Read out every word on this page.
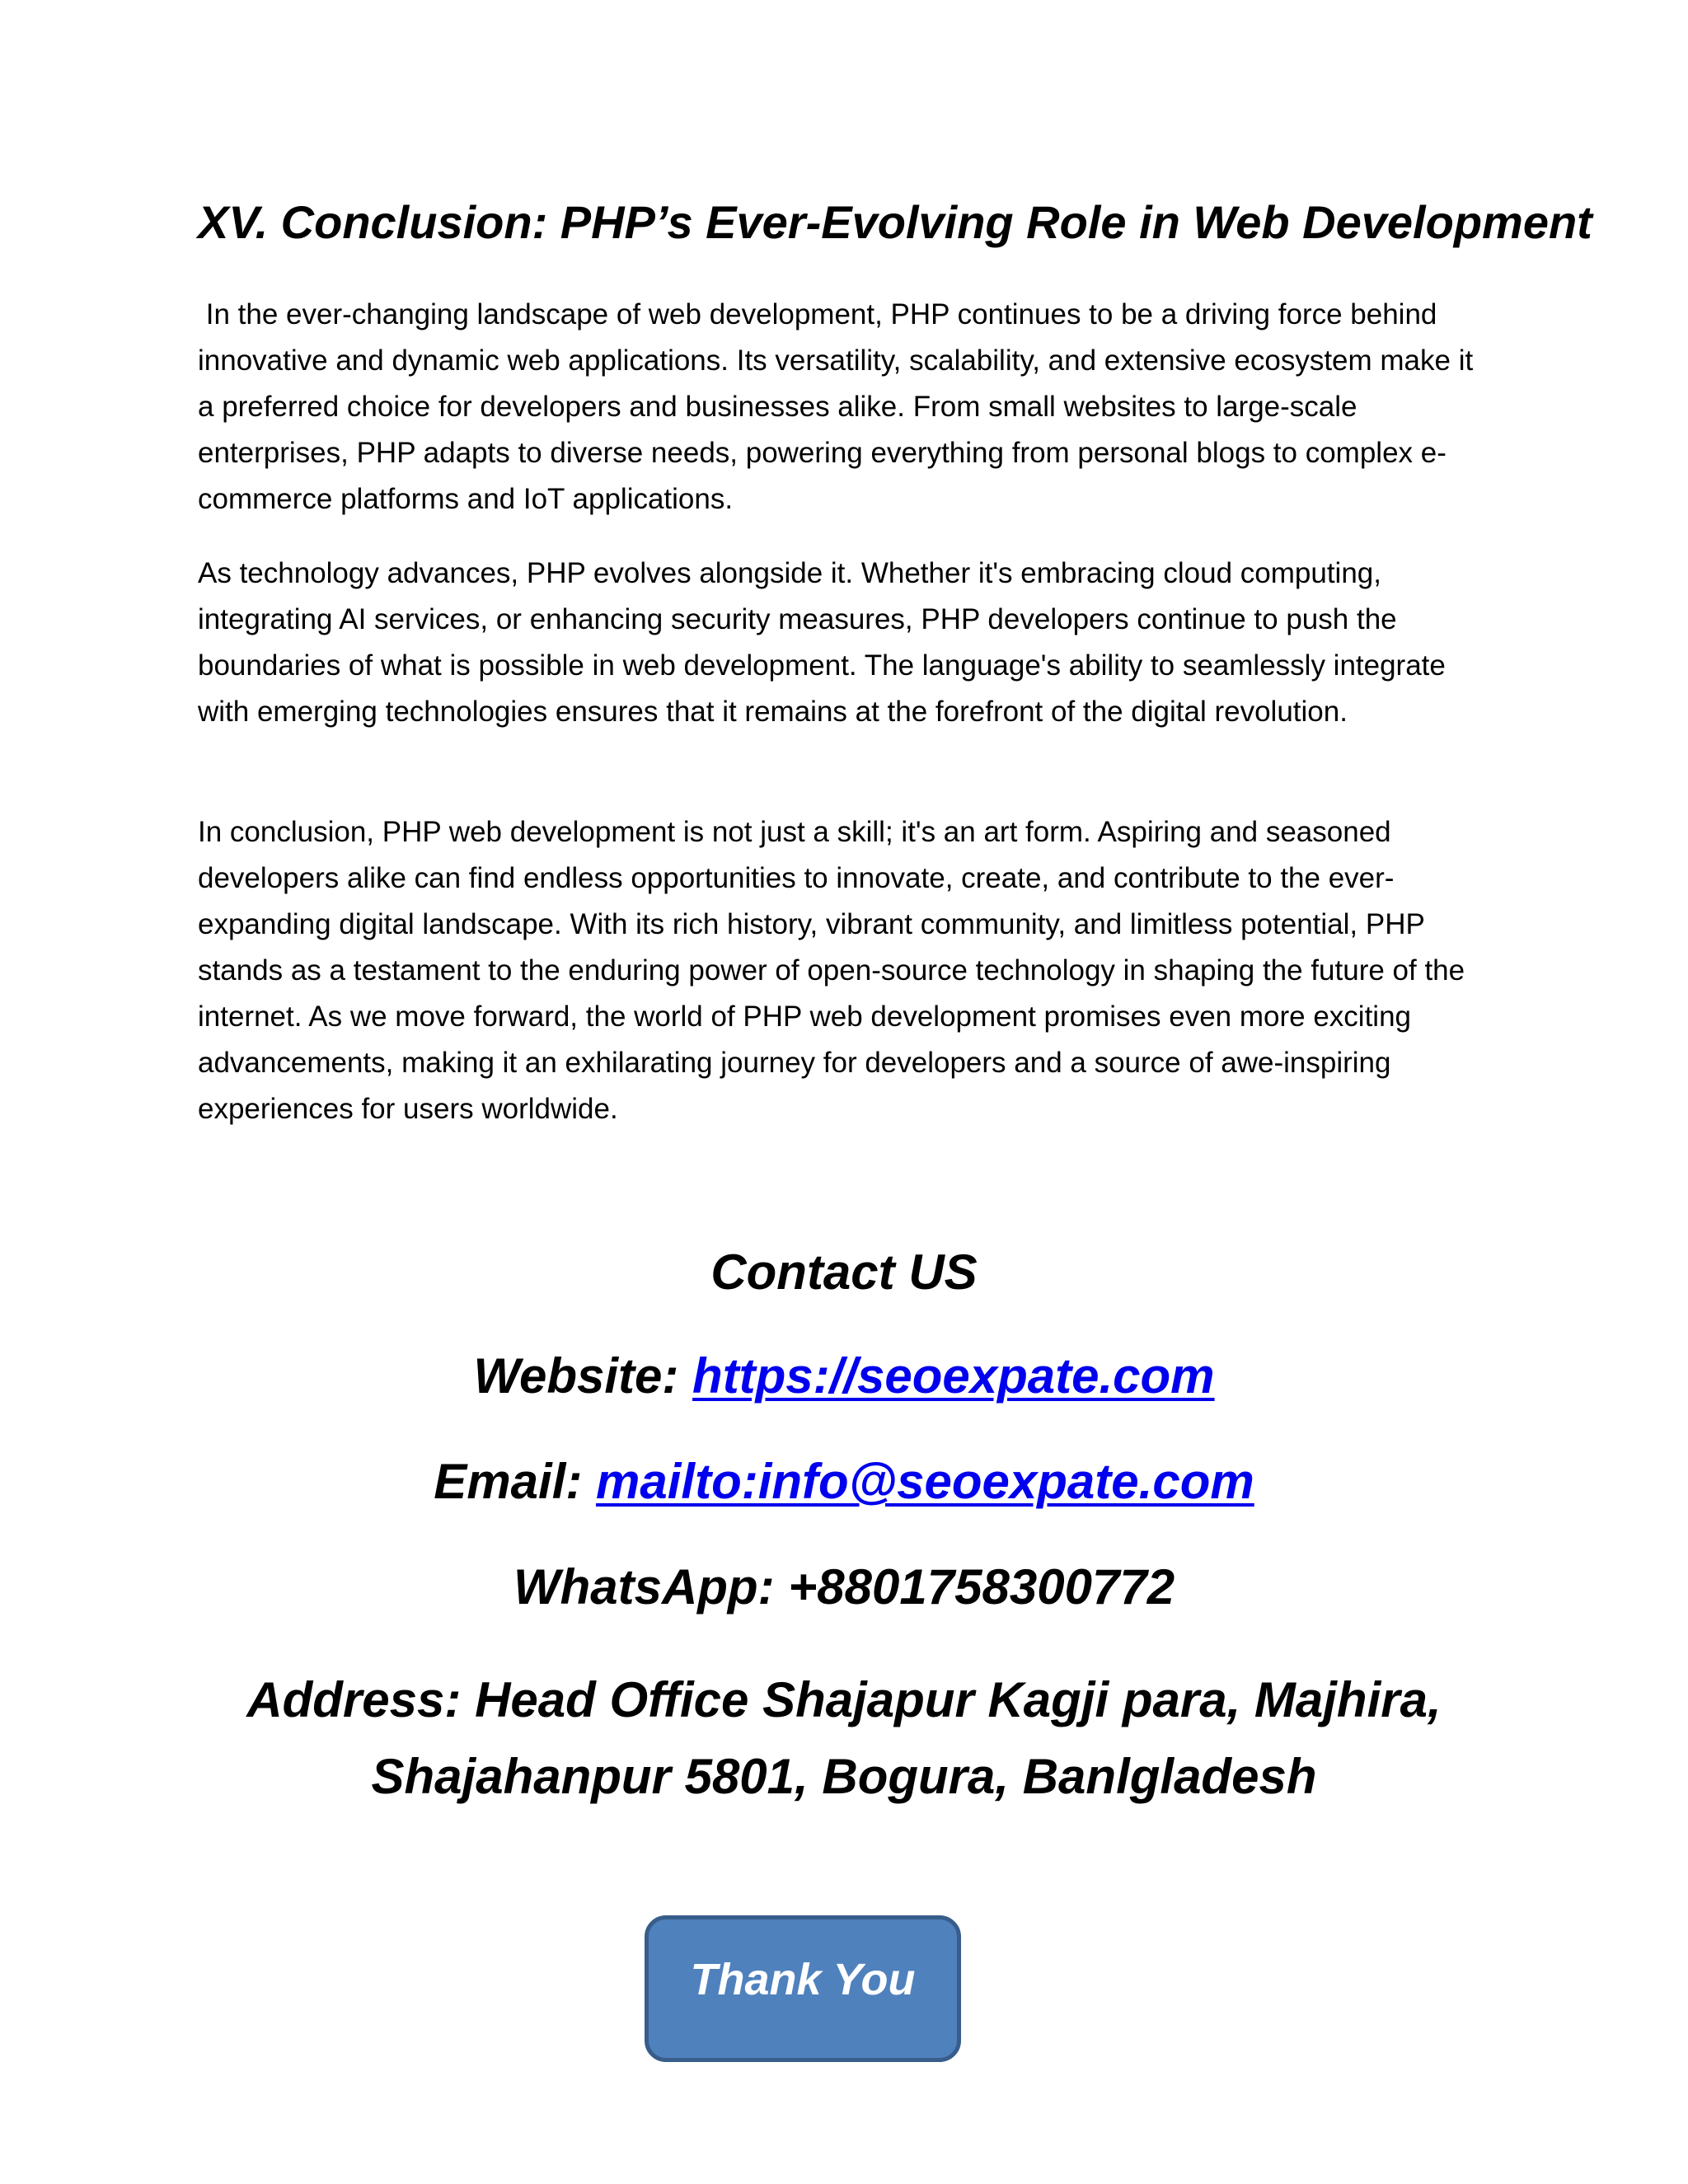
XV. Conclusion: PHP’s Ever-Evolving Role in Web Development

In the ever-changing landscape of web development, PHP continues to be a driving force behind innovative and dynamic web applications. Its versatility, scalability, and extensive ecosystem make it a preferred choice for developers and businesses alike. From small websites to large-scale enterprises, PHP adapts to diverse needs, powering everything from personal blogs to complex e-commerce platforms and IoT applications.

As technology advances, PHP evolves alongside it. Whether it's embracing cloud computing, integrating AI services, or enhancing security measures, PHP developers continue to push the boundaries of what is possible in web development. The language's ability to seamlessly integrate with emerging technologies ensures that it remains at the forefront of the digital revolution.

In conclusion, PHP web development is not just a skill; it's an art form. Aspiring and seasoned developers alike can find endless opportunities to innovate, create, and contribute to the ever-expanding digital landscape. With its rich history, vibrant community, and limitless potential, PHP stands as a testament to the enduring power of open-source technology in shaping the future of the internet. As we move forward, the world of PHP web development promises even more exciting advancements, making it an exhilarating journey for developers and a source of awe-inspiring experiences for users worldwide.

Contact US
Website: https://seoexpate.com
Email: mailto:info@seoexpate.com
WhatsApp: +8801758300772
Address: Head Office Shajapur Kagji para, Majhira,
Shajahanpur 5801, Bogura, Banlgladesh
Thank You
